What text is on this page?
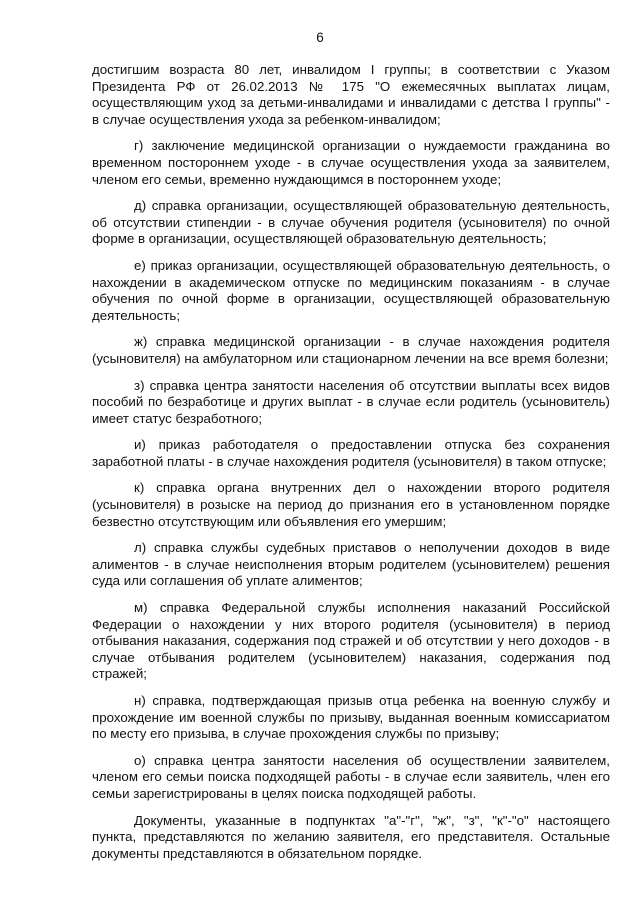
6

достигшим возраста 80 лет, инвалидом I группы; в соответствии с Указом Президента РФ от 26.02.2013 № 175 "О ежемесячных выплатах лицам, осуществляющим уход за детьми-инвалидами и инвалидами с детства I группы" - в случае осуществления ухода за ребенком-инвалидом;

г) заключение медицинской организации о нуждаемости гражданина во временном постороннем уходе - в случае осуществления ухода за заявителем, членом его семьи, временно нуждающимся в постороннем уходе;

д) справка организации, осуществляющей образовательную деятельность, об отсутствии стипендии - в случае обучения родителя (усыновителя) по очной форме в организации, осуществляющей образовательную деятельность;

е) приказ организации, осуществляющей образовательную деятельность, о нахождении в академическом отпуске по медицинским показаниям - в случае обучения по очной форме в организации, осуществляющей образовательную деятельность;

ж) справка медицинской организации - в случае нахождения родителя (усыновителя) на амбулаторном или стационарном лечении на все время болезни;

з) справка центра занятости населения об отсутствии выплаты всех видов пособий по безработице и других выплат - в случае если родитель (усыновитель) имеет статус безработного;

и) приказ работодателя о предоставлении отпуска без сохранения заработной платы - в случае нахождения родителя (усыновителя) в таком отпуске;

к) справка органа внутренних дел о нахождении второго родителя (усыновителя) в розыске на период до признания его в установленном порядке безвестно отсутствующим или объявления его умершим;

л) справка службы судебных приставов о неполучении доходов в виде алиментов - в случае неисполнения вторым родителем (усыновителем) решения суда или соглашения об уплате алиментов;

м) справка Федеральной службы исполнения наказаний Российской Федерации о нахождении у них второго родителя (усыновителя) в период отбывания наказания, содержания под стражей и об отсутствии у него доходов - в случае отбывания родителем (усыновителем) наказания, содержания под стражей;

н) справка, подтверждающая призыв отца ребенка на военную службу и прохождение им военной службы по призыву, выданная военным комиссариатом по месту его призыва, в случае прохождения службы по призыву;

о) справка центра занятости населения об осуществлении заявителем, членом его семьи поиска подходящей работы - в случае если заявитель, член его семьи зарегистрированы в целях поиска подходящей работы.

Документы, указанные в подпунктах "а"-"г", "ж", "з", "к"-"о" настоящего пункта, представляются по желанию заявителя, его представителя. Остальные документы представляются в обязательном порядке.
